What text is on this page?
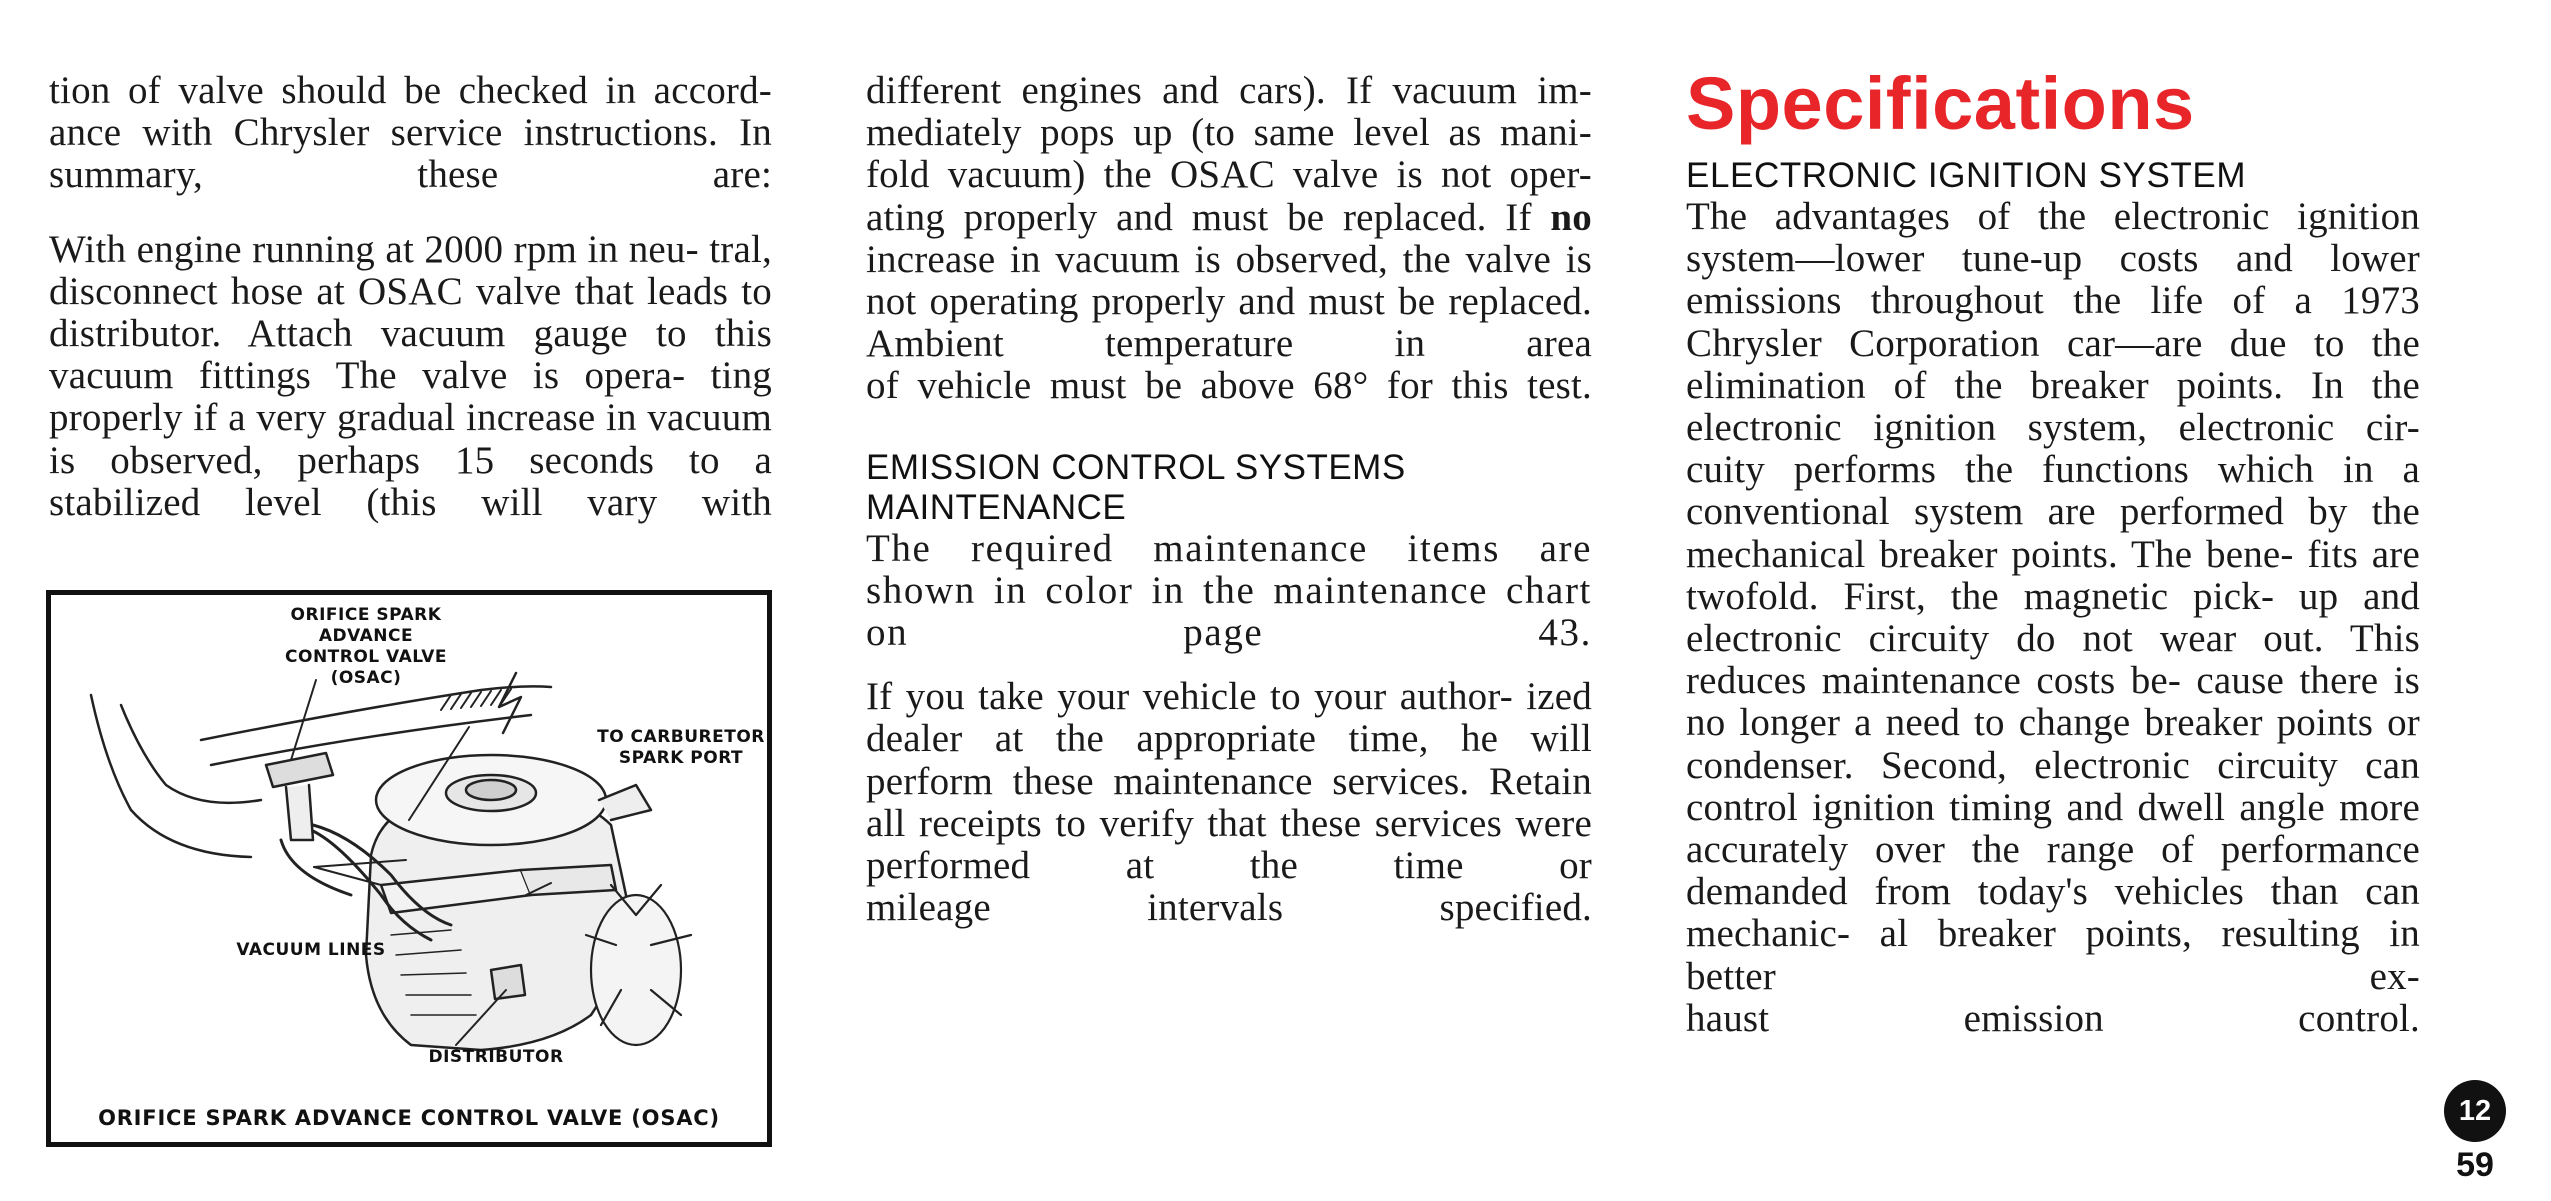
tion of valve should be checked in accord- ance with Chrysler service instructions. In
summary, these are:

With engine running at 2000 rpm in neu- tral, disconnect hose at OSAC valve that leads to distributor. Attach vacuum gauge to this vacuum fittings The valve is opera- ting properly if a very gradual increase in vacuum is observed, perhaps 15 seconds to a stabilized level (this will vary with

ORIFICE SPARK ADVANCE
CONTROL VALVE
(OSAC)
TO CARBURETOR
SPARK PORT
VACUUM LINES
DISTRIBUTOR
ORIFICE SPARK ADVANCE CONTROL VALVE (OSAC)

different engines and cars). If vacuum im- mediately pops up (to same level as mani- fold vacuum) the OSAC valve is not oper- ating properly and must be replaced. If no increase in vacuum is observed, the valve is not operating properly and must be replaced. Ambient temperature in area
of vehicle must be above 68° for this test.

EMISSION CONTROL SYSTEMS MAINTENANCE

The required maintenance items are shown in color in the maintenance chart
on page 43.

If you take your vehicle to your author- ized dealer at the appropriate time, he will perform these maintenance services. Retain all receipts to verify that these services were performed at the time or
mileage intervals specified.

Specifications
ELECTRONIC IGNITION SYSTEM

The advantages of the electronic ignition system—lower tune-up costs and lower emissions throughout the life of a 1973 Chrysler Corporation car—are due to the elimination of the breaker points. In the electronic ignition system, electronic cir- cuity performs the functions which in a conventional system are performed by the mechanical breaker points. The bene- fits are twofold. First, the magnetic pick- up and electronic circuity do not wear out. This reduces maintenance costs be- cause there is no longer a need to change breaker points or condenser. Second, electronic circuity can control ignition timing and dwell angle more accurately over the range of performance demanded from today's vehicles than can mechanic- al breaker points, resulting in better ex-
haust emission control.

12
59
